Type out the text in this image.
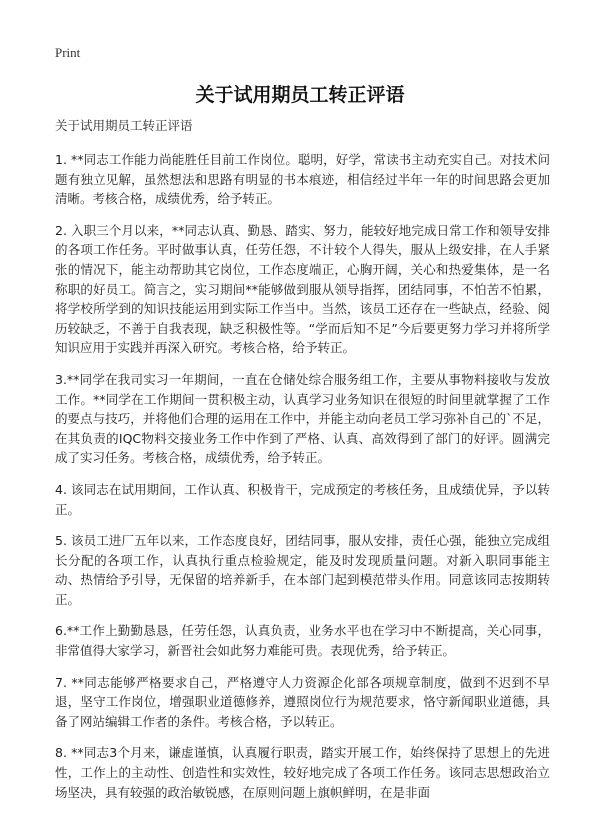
Print
关于试用期员工转正评语

关于试用期员工转正评语

1. **同志工作能力尚能胜任目前工作岗位。聪明，好学，常读书主动充实自己。对技术问题有独立见解，虽然想法和思路有明显的书本痕迹，相信经过半年一年的时间思路会更加清晰。考核合格，成绩优秀，给予转正。

2. 入职三个月以来，**同志认真、勤恳、踏实、努力，能较好地完成日常工作和领导安排的各项工作任务。平时做事认真，任劳任怨，不计较个人得失，服从上级安排，在人手紧张的情况下，能主动帮助其它岗位，工作态度端正，心胸开阔，关心和热爱集体，是一名称职的好员工。简言之，实习期间**能够做到服从领导指挥，团结同事，不怕苦不怕累，将学校所学到的知识技能运用到实际工作当中。当然，该员工还存在一些缺点，经验、阅历较缺乏，不善于自我表现，缺乏积极性等。“学而后知不足”今后要更努力学习并将所学知识应用于实践并再深入研究。考核合格，给予转正。

3.**同学在我司实习一年期间，一直在仓储处综合服务组工作，主要从事物料接收与发放工作。**同学在工作期间一贯积极主动，认真学习业务知识在很短的时间里就掌握了工作的要点与技巧，并将他们合理的运用在工作中，并能主动向老员工学习弥补自己的`不足，在其负责的IQC物料交接业务工作中作到了严格、认真、高效得到了部门的好评。圆满完成了实习任务。考核合格，成绩优秀，给予转正。

4. 该同志在试用期间，工作认真、积极肯干，完成预定的考核任务，且成绩优异，予以转正。

5. 该员工进厂五年以来，工作态度良好，团结同事，服从安排，责任心强，能独立完成组长分配的各项工作，认真执行重点检验规定，能及时发现质量问题。对新入职同事能主动、热情给予引导，无保留的培养新手，在本部门起到模范带头作用。同意该同志按期转正。

6.**工作上勤勤恳恳，任劳任怨，认真负责，业务水平也在学习中不断提高，关心同事，非常值得大家学习，新晋社会如此努力难能可贵。表现优秀，给予转正。

7. **同志能够严格要求自己，严格遵守人力资源企化部各项规章制度，做到不迟到不早退，坚守工作岗位，增强职业道德修养，遵照岗位行为规范要求，恪守新闻职业道德，具备了网站编辑工作者的条件。考核合格，予以转正。

8. **同志3个月来，谦虚谨慎，认真履行职责，踏实开展工作，始终保持了思想上的先进性，工作上的主动性、创造性和实效性，较好地完成了各项工作任务。该同志思想政治立场坚决，具有较强的政治敏锐感，在原则问题上旗帜鲜明，在是非面
